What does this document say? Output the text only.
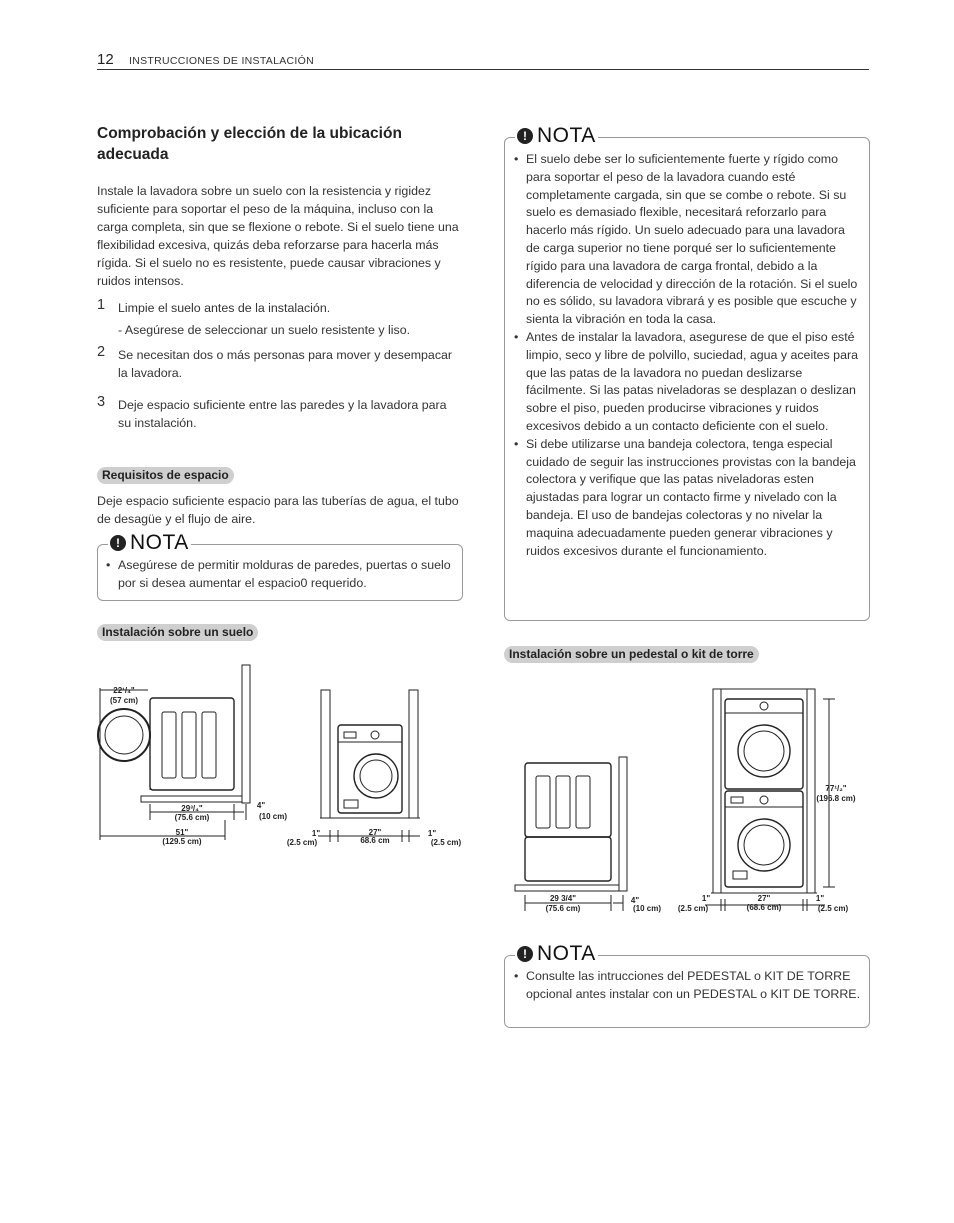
12 INSTRUCCIONES DE INSTALACIÓN
Comprobación y elección de la ubicación adecuada
Instale la lavadora sobre un suelo con la resistencia y rigidez suficiente para soportar el peso de la máquina, incluso con la carga completa, sin que se flexione o rebote. Si el suelo tiene una flexibilidad excesiva, quizás deba reforzarse para hacerla más rígida. Si el suelo no es resistente, puede causar vibraciones y ruidos intensos.
1 Limpie el suelo antes de la instalación.
- Asegúrese de seleccionar un suelo resistente y liso.
2 Se necesitan dos o más personas para mover y desempacar la lavadora.
3 Deje espacio suficiente entre las paredes y la lavadora para su instalación.
Requisitos de espacio
Deje espacio suficiente espacio para las tuberías de agua, el tubo de desagüe y el flujo de aire.
! NOTA
• Asegúrese de permitir molduras de paredes, puertas o suelo por si desea aumentar el espacio0 requerido.
Instalación sobre un suelo
22¹/₄"
(57 cm)
29³/₄"
(75.6 cm)
4"
(10 cm)
51"
(129.5 cm)
1"
(2.5 cm)
27"
68.6 cm
1"
(2.5 cm)
! NOTA
• El suelo debe ser lo suficientemente fuerte y rígido como para soportar el peso de la lavadora cuando esté completamente cargada, sin que se combe o rebote. Si su suelo es demasiado flexible, necesitará reforzarlo para hacerlo más rígido. Un suelo adecuado para una lavadora de carga superior no tiene porqué ser lo suficientemente rígido para una lavadora de carga frontal, debido a la diferencia de velocidad y dirección de la rotación. Si el suelo no es sólido, su lavadora vibrará y es posible que escuche y sienta la vibración en toda la casa.
• Antes de instalar la lavadora, asegurese de que el piso esté limpio, seco y libre de polvillo, suciedad, agua y aceites para que las patas de la lavadora no puedan deslizarse fácilmente. Si las patas niveladoras se desplazan o deslizan sobre el piso, pueden producirse vibraciones y ruidos excesivos debido a un contacto deficiente con el suelo.
• Si debe utilizarse una bandeja colectora, tenga especial cuidado de seguir las instrucciones provistas con la bandeja colectora y verifique que las patas niveladoras esten ajustadas para lograr un contacto firme y nivelado con la bandeja. El uso de bandejas colectoras y no nivelar la maquina adecuadamente pueden generar vibraciones y ruidos excesivos durante el funcionamiento.
Instalación sobre un pedestal o kit de torre
29 3/4"
(75.6 cm)
4"
(10 cm)
1"
(2.5 cm)
27"
(68.6 cm)
1"
(2.5 cm)
77¹/₂"
(196.8 cm)
! NOTA
• Consulte las intrucciones del PEDESTAL o KIT DE TORRE opcional antes instalar con un PEDESTAL o KIT DE TORRE.
